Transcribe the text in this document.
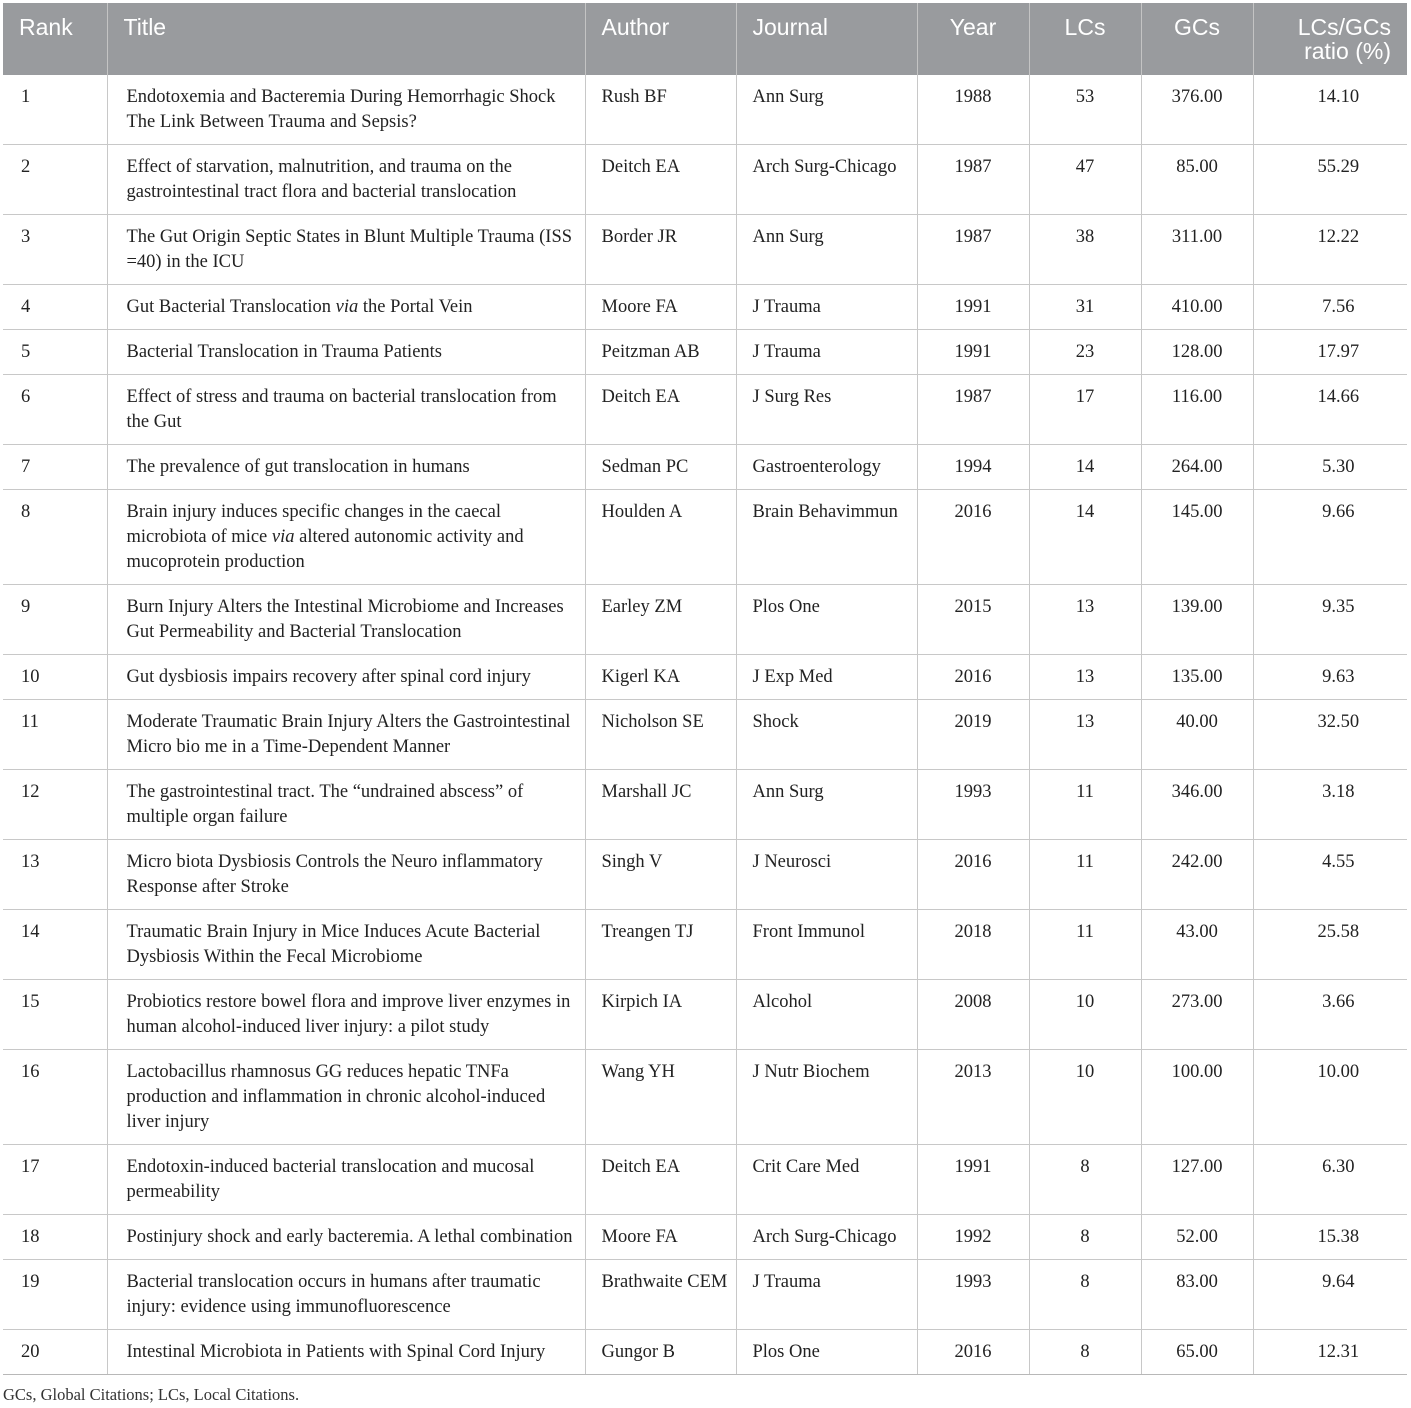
Rank	Title	Author	Journal	Year	LCs	GCs	LCs/GCs
ratio (%)
1	Endotoxemia and Bacteremia During Hemorrhagic Shock The Link Between Trauma and Sepsis?	Rush BF	Ann Surg	1988	53	376.00	14.10
2	Effect of starvation, malnutrition, and trauma on the gastrointestinal tract flora and bacterial translocation	Deitch EA	Arch Surg-Chicago	1987	47	85.00	55.29
3	The Gut Origin Septic States in Blunt Multiple Trauma (ISS =40) in the ICU	Border JR	Ann Surg	1987	38	311.00	12.22
4	Gut Bacterial Translocation via the Portal Vein	Moore FA	J Trauma	1991	31	410.00	7.56
5	Bacterial Translocation in Trauma Patients	Peitzman AB	J Trauma	1991	23	128.00	17.97
6	Effect of stress and trauma on bacterial translocation from the Gut	Deitch EA	J Surg Res	1987	17	116.00	14.66
7	The prevalence of gut translocation in humans	Sedman PC	Gastroenterology	1994	14	264.00	5.30
8	Brain injury induces specific changes in the caecal microbiota of mice via altered autonomic activity and mucoprotein production	Houlden A	Brain Behavimmun	2016	14	145.00	9.66
9	Burn Injury Alters the Intestinal Microbiome and Increases Gut Permeability and Bacterial Translocation	Earley ZM	Plos One	2015	13	139.00	9.35
10	Gut dysbiosis impairs recovery after spinal cord injury	Kigerl KA	J Exp Med	2016	13	135.00	9.63
11	Moderate Traumatic Brain Injury Alters the Gastrointestinal Micro bio me in a Time-Dependent Manner	Nicholson SE	Shock	2019	13	40.00	32.50
12	The gastrointestinal tract. The “undrained abscess” of multiple organ failure	Marshall JC	Ann Surg	1993	11	346.00	3.18
13	Micro biota Dysbiosis Controls the Neuro inflammatory Response after Stroke	Singh V	J Neurosci	2016	11	242.00	4.55
14	Traumatic Brain Injury in Mice Induces Acute Bacterial Dysbiosis Within the Fecal Microbiome	Treangen TJ	Front Immunol	2018	11	43.00	25.58
15	Probiotics restore bowel flora and improve liver enzymes in human alcohol-induced liver injury: a pilot study	Kirpich IA	Alcohol	2008	10	273.00	3.66
16	Lactobacillus rhamnosus GG reduces hepatic TNFa production and inflammation in chronic alcohol-induced liver injury	Wang YH	J Nutr Biochem	2013	10	100.00	10.00
17	Endotoxin-induced bacterial translocation and mucosal permeability	Deitch EA	Crit Care Med	1991	8	127.00	6.30
18	Postinjury shock and early bacteremia. A lethal combination	Moore FA	Arch Surg-Chicago	1992	8	52.00	15.38
19	Bacterial translocation occurs in humans after traumatic injury: evidence using immunofluorescence	Brathwaite CEM	J Trauma	1993	8	83.00	9.64
20	Intestinal Microbiota in Patients with Spinal Cord Injury	Gungor B	Plos One	2016	8	65.00	12.31
GCs, Global Citations; LCs, Local Citations.
